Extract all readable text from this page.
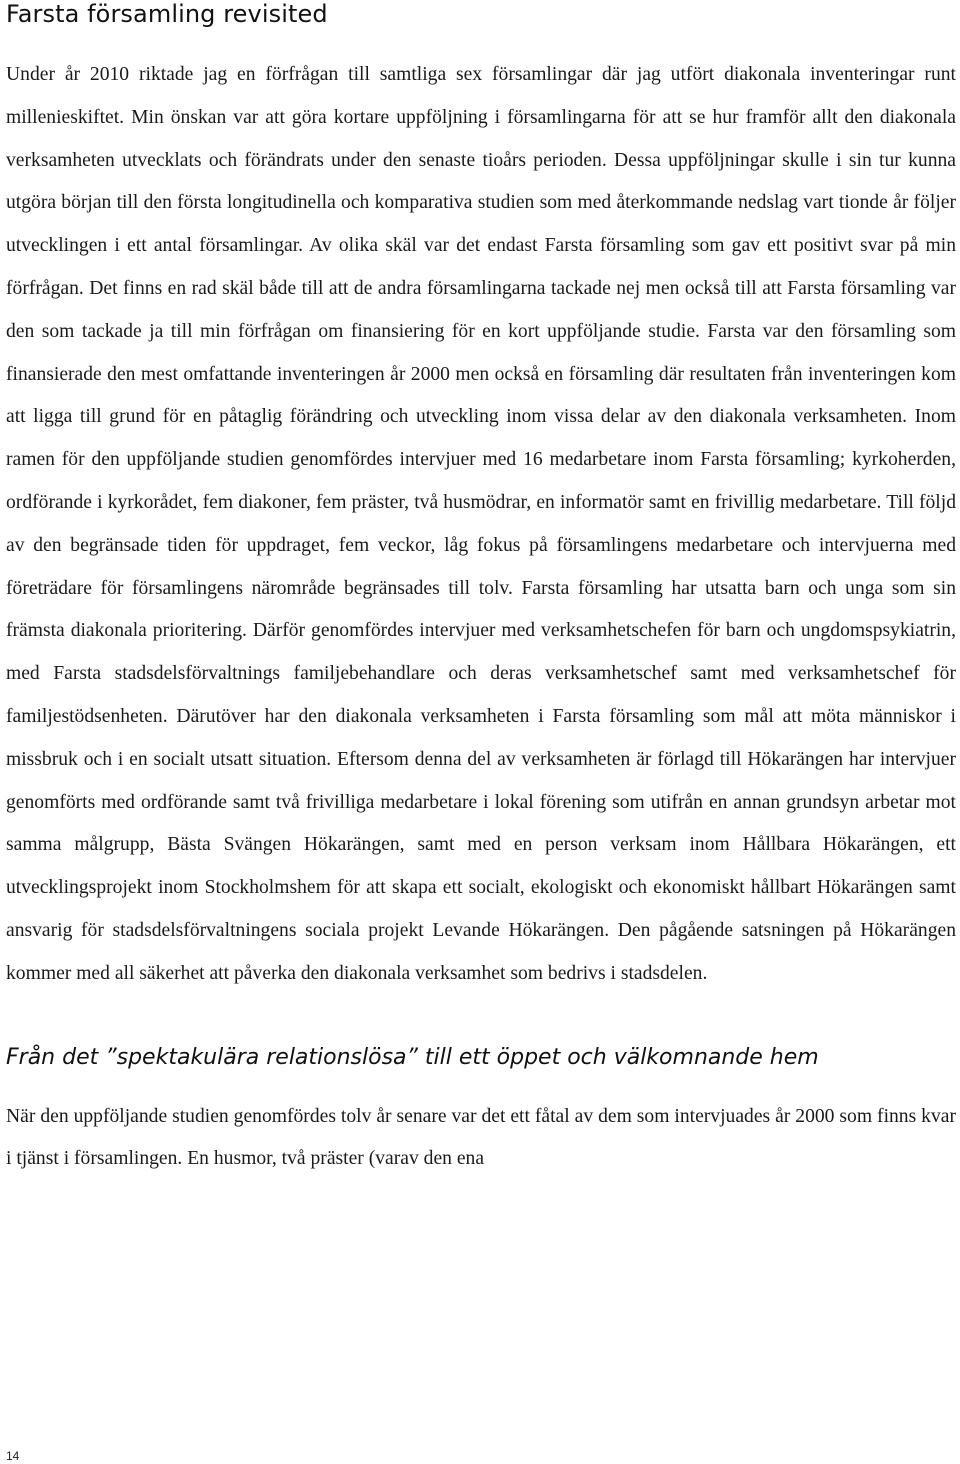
Farsta församling revisited

Under år 2010 riktade jag en förfrågan till samtliga sex församlingar där jag utfört diakonala inventeringar runt millenieskiftet. Min önskan var att göra kortare uppföljning i församlingarna för att se hur framför allt den diakonala verksamheten utvecklats och förändrats under den senaste tioårs perioden. Dessa uppföljningar skulle i sin tur kunna utgöra början till den första longitudinella och komparativa studien som med återkommande nedslag vart tionde år följer utvecklingen i ett antal församlingar. Av olika skäl var det endast Farsta församling som gav ett positivt svar på min förfrågan. Det finns en rad skäl både till att de andra församlingarna tackade nej men också till att Farsta församling var den som tackade ja till min förfrågan om finansiering för en kort uppföljande studie. Farsta var den församling som finansierade den mest omfattande inventeringen år 2000 men också en församling där resultaten från inventeringen kom att ligga till grund för en påtaglig förändring och utveckling inom vissa delar av den diakonala verksamheten. Inom ramen för den uppföljande studien genomfördes intervjuer med 16 medarbetare inom Farsta församling; kyrkoherden, ordförande i kyrkorådet, fem diakoner, fem präster, två husmödrar, en informatör samt en frivillig medarbetare. Till följd av den begränsade tiden för uppdraget, fem veckor, låg fokus på församlingens medarbetare och intervjuerna med företrädare för församlingens närområde begränsades till tolv. Farsta församling har utsatta barn och unga som sin främsta diakonala prioritering. Därför genomfördes intervjuer med verksamhetschefen för barn och ungdomspsykiatrin, med Farsta stadsdelsförvaltnings familjebehandlare och deras verksamhetschef samt med verksamhetschef för familjestödsenheten. Därutöver har den diakonala verksamheten i Farsta församling som mål att möta människor i missbruk och i en socialt utsatt situation. Eftersom denna del av verksamheten är förlagd till Hökarängen har intervjuer genomförts med ordförande samt två frivilliga medarbetare i lokal förening som utifrån en annan grundsyn arbetar mot samma målgrupp, Bästa Svängen Hökarängen, samt med en person verksam inom Hållbara Hökarängen, ett utvecklingsprojekt inom Stockholmshem för att skapa ett socialt, ekologiskt och ekonomiskt hållbart Hökarängen samt ansvarig för stadsdelsförvaltningens sociala projekt Levande Hökarängen. Den pågående satsningen på Hökarängen kommer med all säkerhet att påverka den diakonala verksamhet som bedrivs i stadsdelen.

Från det ”spektakulära relationslösa” till ett öppet och välkomnande hem

När den uppföljande studien genomfördes tolv år senare var det ett fåtal av dem som intervjuades år 2000 som finns kvar i tjänst i församlingen. En husmor, två präster (varav den ena

14
